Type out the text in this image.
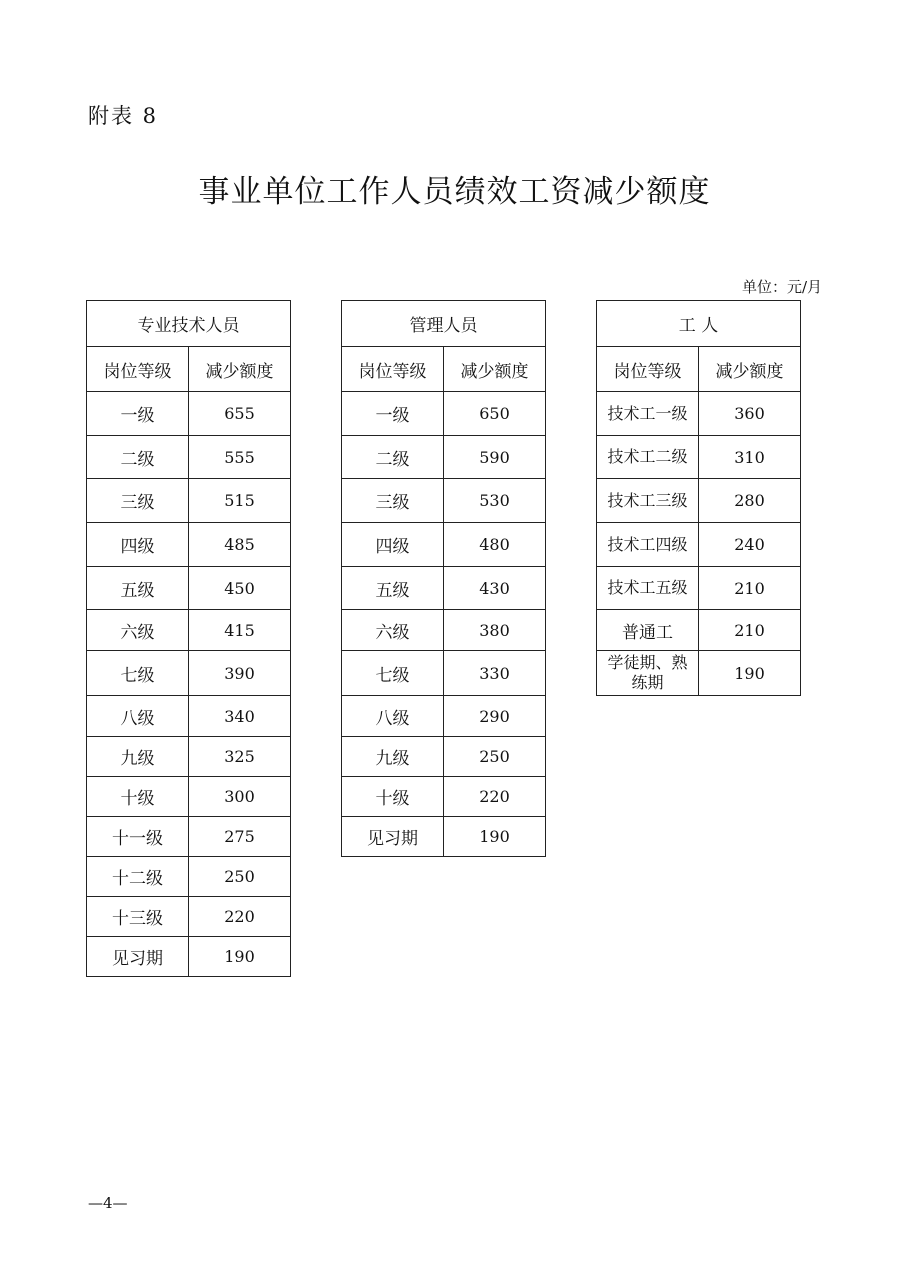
附表 8
事业单位工作人员绩效工资减少额度
单位：元/月
专业技术人员	
岗位等级	减少额度
一级	655
二级	555
三级	515
四级	485
五级	450
六级	415
七级	390
八级	340
九级	325
十级	300
十一级	275
十二级	250
十三级	220
见习期	190
管理人员	
岗位等级	减少额度
一级	650
二级	590
三级	530
四级	480
五级	430
六级	380
七级	330
八级	290
九级	250
十级	220
见习期	190
工 人	
岗位等级	减少额度
技术工一级	360
技术工二级	310
技术工三级	280
技术工四级	240
技术工五级	210
普通工	210
学徒期、熟练期	190
—4—
